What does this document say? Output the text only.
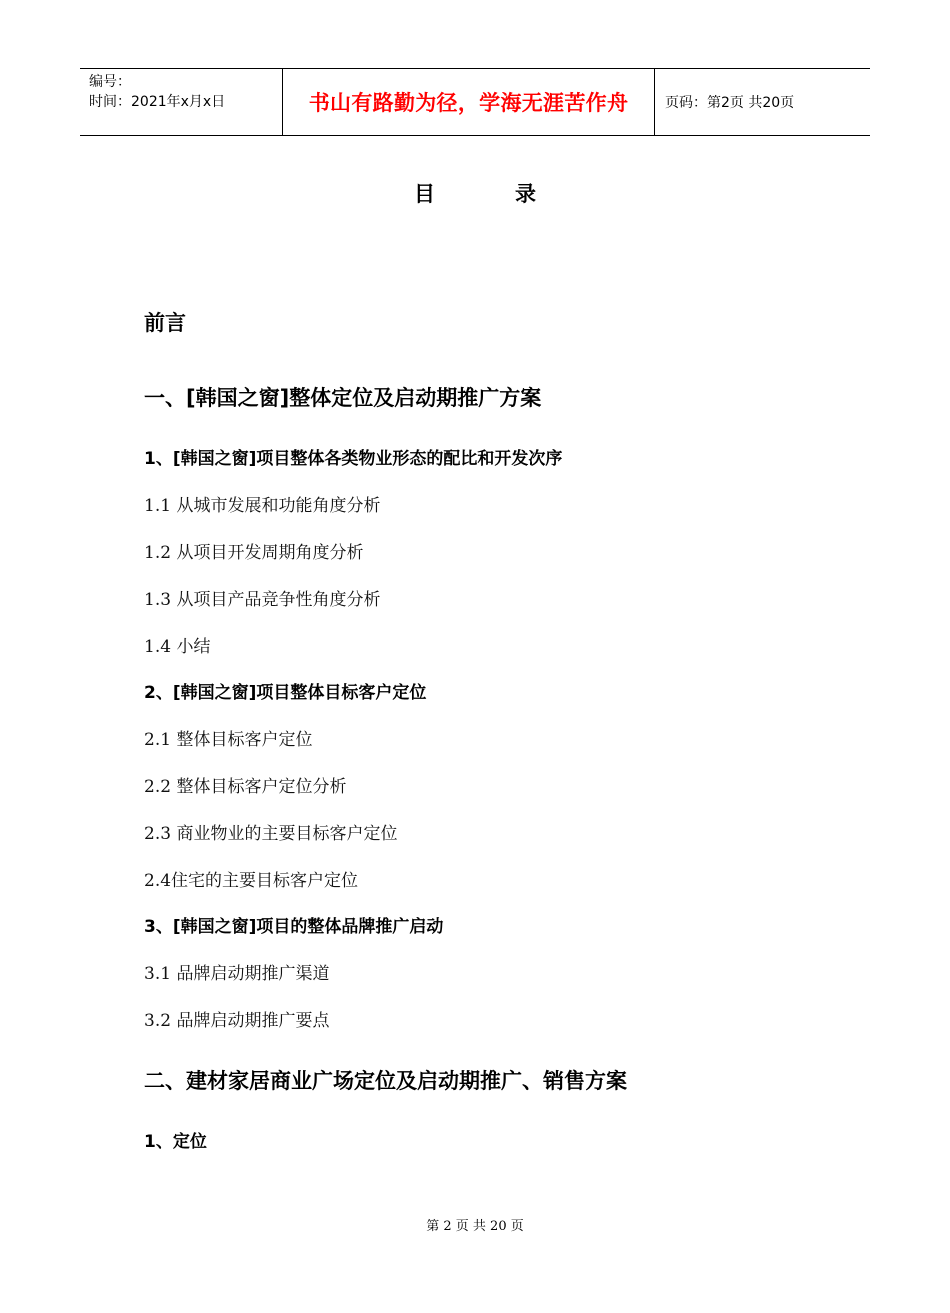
编号：
时间：2021年x月x日	书山有路勤为径，学海无涯苦作舟	页码：第2页 共20页
目	录
前言
一、[韩国之窗]整体定位及启动期推广方案
1、[韩国之窗]项目整体各类物业形态的配比和开发次序
1.1 从城市发展和功能角度分析
1.2 从项目开发周期角度分析
1.3 从项目产品竞争性角度分析
1.4 小结
2、[韩国之窗]项目整体目标客户定位
2.1 整体目标客户定位
2.2 整体目标客户定位分析
2.3 商业物业的主要目标客户定位
2.4住宅的主要目标客户定位
3、[韩国之窗]项目的整体品牌推广启动
3.1 品牌启动期推广渠道
3.2 品牌启动期推广要点
二、建材家居商业广场定位及启动期推广、销售方案
1、定位
第 2 页 共 20 页
